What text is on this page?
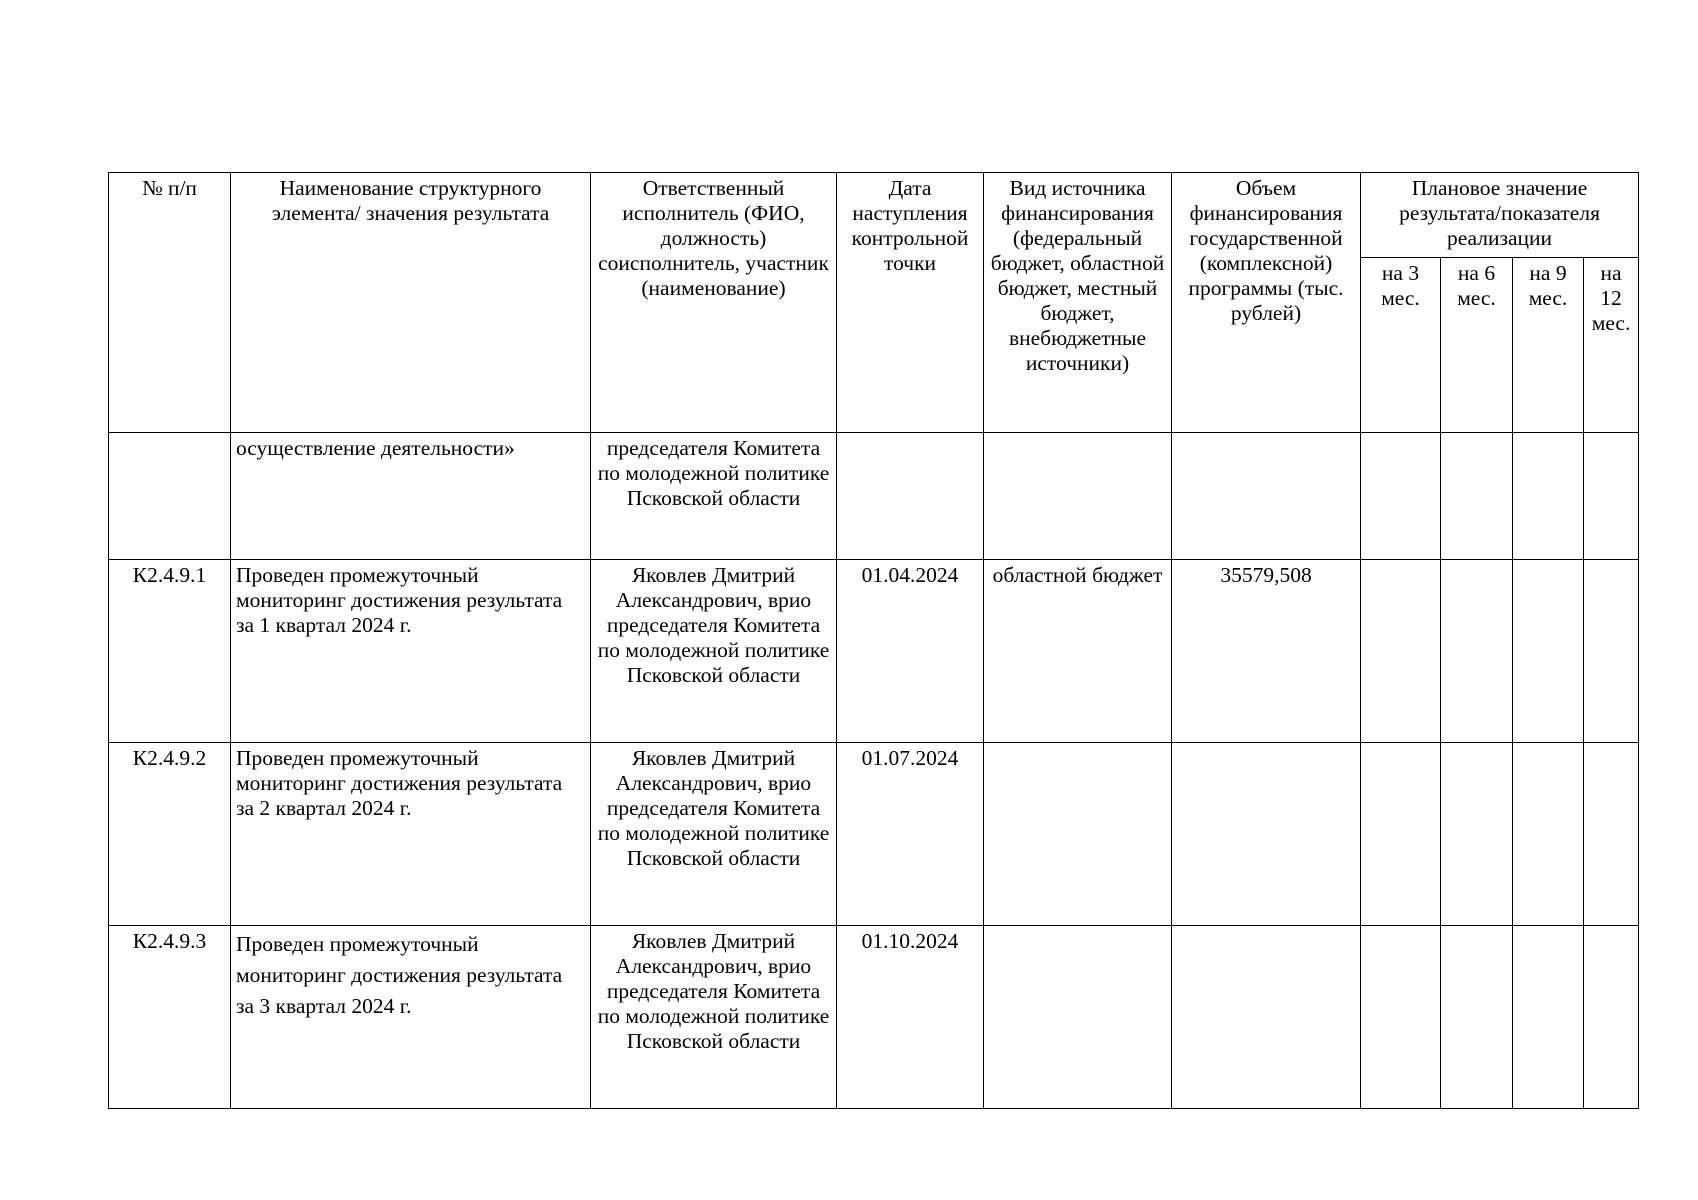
№ п/п	Наименование структурного элемента/ значения результата	Ответственный исполнитель (ФИО, должность) соисполнитель, участник (наименование)	Дата наступления контрольной точки	Вид источника финансирования (федеральный бюджет, областной бюджет, местный бюджет, внебюджетные источники)	Объем финансирования государственной (комплексной) программы (тыс. рублей)	Плановое значение результата/показателя реализации			
						на 3 мес.	на 6 мес.	на 9 мес.	на 12 мес.
	осуществление деятельности»	председателя Комитета по молодежной политике Псковской области							
К2.4.9.1	Проведен промежуточный мониторинг достижения результата за 1 квартал 2024 г.	Яковлев Дмитрий Александрович, врио председателя Комитета по молодежной политике Псковской области	01.04.2024	областной бюджет	35579,508				
К2.4.9.2	Проведен промежуточный мониторинг достижения результата за 2 квартал 2024 г.	Яковлев Дмитрий Александрович, врио председателя Комитета по молодежной политике Псковской области	01.07.2024						
К2.4.9.3	Проведен промежуточный мониторинг достижения результата за 3 квартал 2024 г.	Яковлев Дмитрий Александрович, врио председателя Комитета по молодежной политике Псковской области	01.10.2024						
